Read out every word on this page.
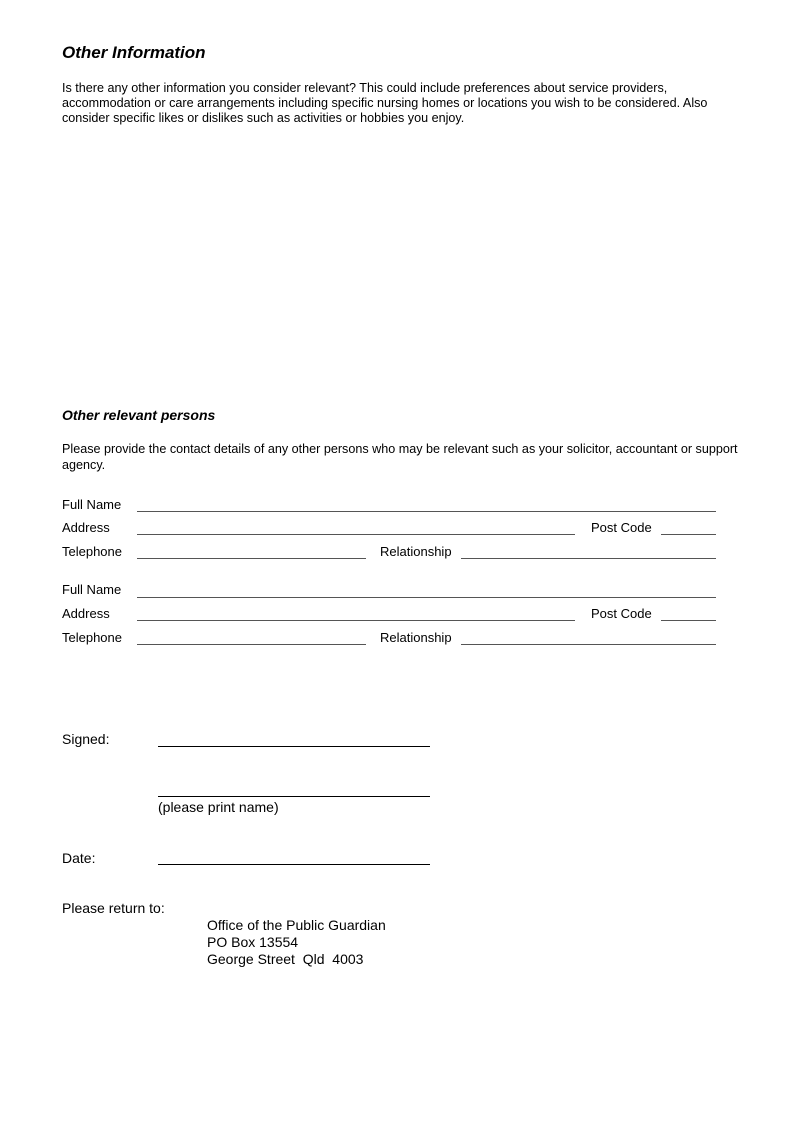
Other Information
Is there any other information you consider relevant? This could include preferences about service providers, accommodation or care arrangements including specific nursing homes or locations you wish to be considered. Also consider specific likes or dislikes such as activities or hobbies you enjoy.
Other relevant persons
Please provide the contact details of any other persons who may be relevant such as your solicitor, accountant or support agency.
Full Name
Address	Post Code
Telephone	Relationship
Full Name
Address	Post Code
Telephone	Relationship
Signed:
(please print name)
Date:
Please return to:
Office of the Public Guardian
PO Box 13554
George Street  Qld  4003
